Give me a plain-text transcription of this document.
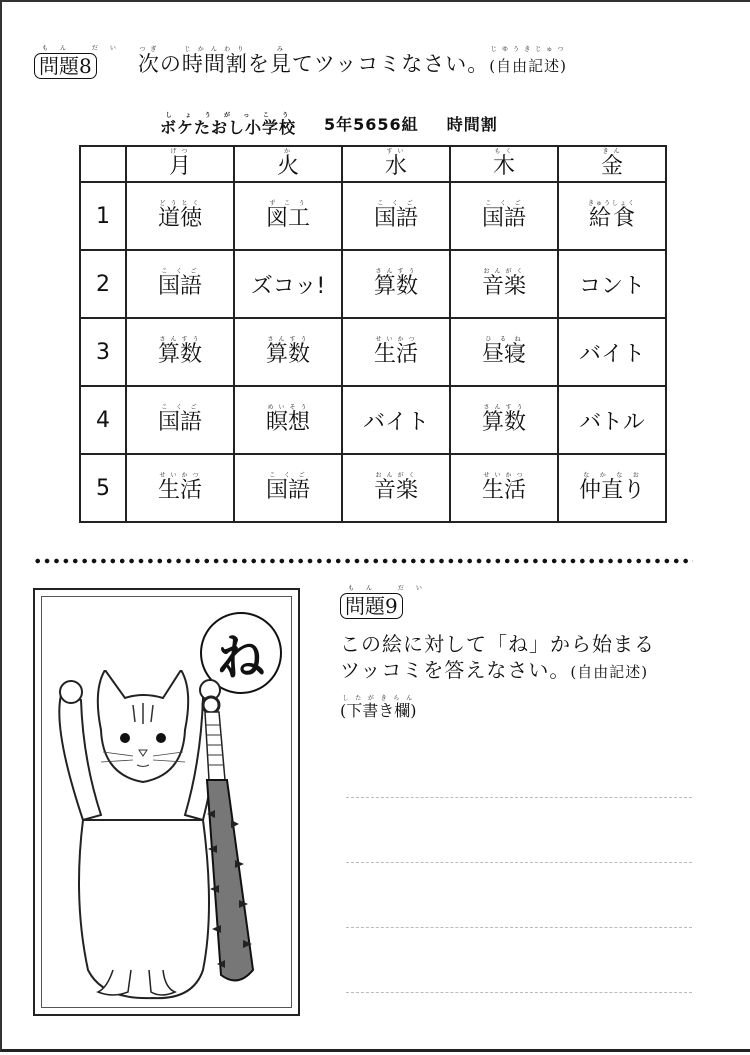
もん だい
問題8 次つぎの時間割じかんわりを見みてツッコミなさい。(自由記述)じゆうきじゅつ
ボケたおし小学校しょうがっこう 5年5656組 時間割
	月げつ	火か	水すい	木もく	金きん
1	道徳どうとく	図工ずこう	国語こくご	国語こくご	給食きゅうしょく
2	国語こくご	ズコッ!	算数さんすう	音楽おんがく	コント
3	算数さんすう	算数さんすう	生活せいかつ	昼寝ひるね	バイト
4	国語こくご	瞑想めいそう	バイト	算数さんすう	バトル
5	生活せいかつ	国語こくご	音楽おんがく	生活せいかつ	仲直りなかなお
ね
もん だい
問題9
この絵に対して「ね」から始まる
ツッコミを答えなさい。(自由記述)
(下書き欄)したがきらん
